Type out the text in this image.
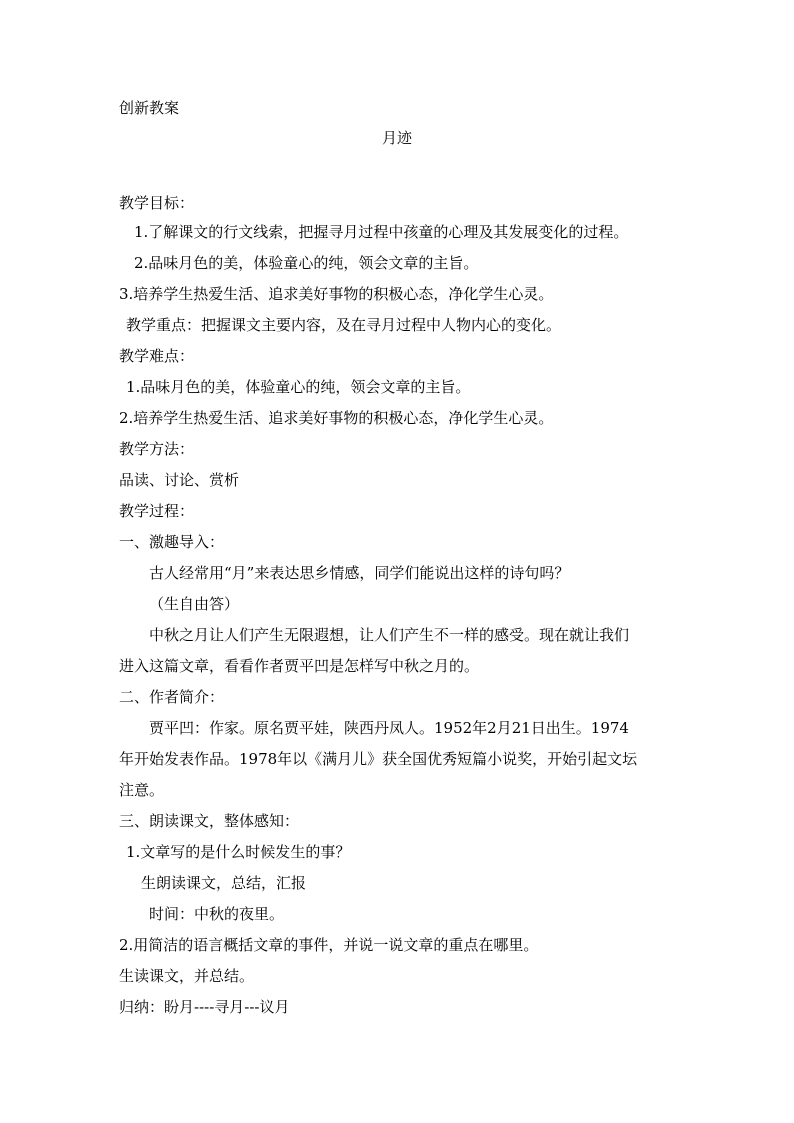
创新教案
月迹
教学目标：
1.了解课文的行文线索，把握寻月过程中孩童的心理及其发展变化的过程。
2.品味月色的美，体验童心的纯，领会文章的主旨。
3.培养学生热爱生活、追求美好事物的积极心态，净化学生心灵。
教学重点：把握课文主要内容，及在寻月过程中人物内心的变化。
教学难点：
1.品味月色的美，体验童心的纯，领会文章的主旨。
2.培养学生热爱生活、追求美好事物的积极心态，净化学生心灵。
教学方法：
品读、讨论、赏析
教学过程：
一、激趣导入：
古人经常用“月”来表达思乡情感，同学们能说出这样的诗句吗？
（生自由答）
中秋之月让人们产生无限遐想，让人们产生不一样的感受。现在就让我们
进入这篇文章，看看作者贾平凹是怎样写中秋之月的。
二、作者简介：
贾平凹：作家。原名贾平娃，陕西丹凤人。1952年2月21日出生。1974
年开始发表作品。1978年以《满月儿》获全国优秀短篇小说奖，开始引起文坛
注意。
三、朗读课文，整体感知：
1.文章写的是什么时候发生的事？
生朗读课文，总结，汇报
时间：中秋的夜里。
2.用简洁的语言概括文章的事件，并说一说文章的重点在哪里。
生读课文，并总结。
归纳：盼月----寻月---议月
